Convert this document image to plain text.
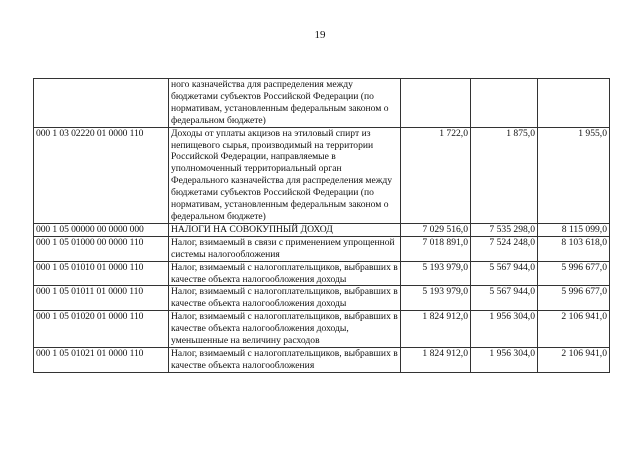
19
	ного казначейства для распределения между бюджетами субъектов Российской Федерации (по нормативам, установленным федеральным законом о федеральном бюджете)			
000 1 03 02220 01 0000 110	Доходы от уплаты акцизов на этиловый спирт из непищевого сырья, производимый на территории Российской Федерации, направляемые в уполномоченный территориальный орган Федерального казначейства для распределения между бюджетами субъектов Российской Федерации (по нормативам, установленным федеральным законом о федеральном бюджете)	1 722,0	1 875,0	1 955,0
000 1 05 00000 00 0000 000	НАЛОГИ НА СОВОКУПНЫЙ ДОХОД	7 029 516,0	7 535 298,0	8 115 099,0
000 1 05 01000 00 0000 110	Налог, взимаемый в связи с применением упрощенной системы налогообложения	7 018 891,0	7 524 248,0	8 103 618,0
000 1 05 01010 01 0000 110	Налог, взимаемый с налогоплательщиков, выбравших в качестве объекта налогообложения доходы	5 193 979,0	5 567 944,0	5 996 677,0
000 1 05 01011 01 0000 110	Налог, взимаемый с налогоплательщиков, выбравших в качестве объекта налогообложения доходы	5 193 979,0	5 567 944,0	5 996 677,0
000 1 05 01020 01 0000 110	Налог, взимаемый с налогоплательщиков, выбравших в качестве объекта налогообложения доходы, уменьшенные на величину расходов	1 824 912,0	1 956 304,0	2 106 941,0
000 1 05 01021 01 0000 110	Налог, взимаемый с налогоплательщиков, выбравших в качестве объекта налогообложения	1 824 912,0	1 956 304,0	2 106 941,0
